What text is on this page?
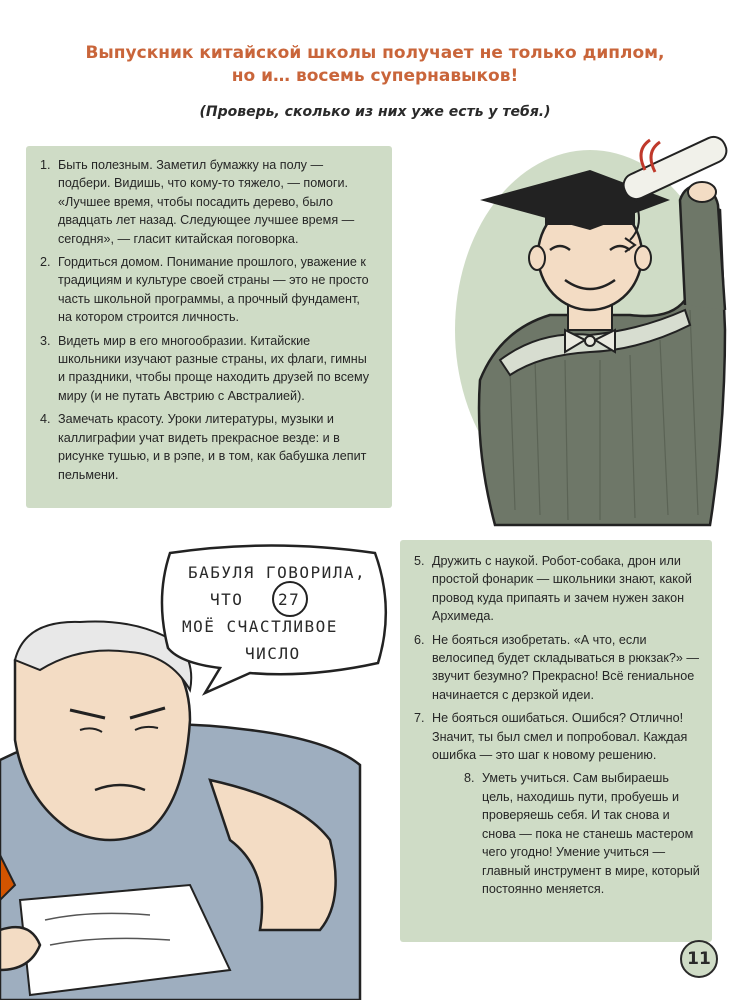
Выпускник китайской школы получает не только диплом,
но и… восемь супернавыков!
(Проверь, сколько из них уже есть у тебя.)
БАБУЛЯ ГОВОРИЛА,
ЧТО 27
МОЁ СЧАСТЛИВОЕ
ЧИСЛО
1. Быть полезным. Заметил бумажку на полу — подбери. Видишь, что кому-то тяжело, — помоги. «Лучшее время, чтобы посадить дерево, было двадцать лет назад. Следующее лучшее время — сегодня», — гласит китайская поговорка.
2. Гордиться домом. Понимание прошлого, уважение к традициям и культуре своей страны — это не просто часть школьной программы, а прочный фундамент, на котором строится личность.
3. Видеть мир в его многообразии. Китайские школьники изучают разные страны, их флаги, гимны и праздники, чтобы проще находить друзей по всему миру (и не путать Австрию с Австралией).
4. Замечать красоту. Уроки литературы, музыки и каллиграфии учат видеть прекрасное везде: и в рисунке тушью, и в рэпе, и в том, как бабушка лепит пельмени.
5. Дружить с наукой. Робот-собака, дрон или простой фонарик — школьники знают, какой провод куда припаять и зачем нужен закон Архимеда.
6. Не бояться изобретать. «А что, если велосипед будет складываться в рюкзак?» — звучит безумно? Прекрасно! Всё гениальное начинается с дерзкой идеи.
7. Не бояться ошибаться. Ошибся? Отлично! Значит, ты был смел и попробовал. Каждая ошибка — это шаг к новому решению.
8. Уметь учиться. Сам выбираешь цель, находишь пути, пробуешь и проверяешь себя. И так снова и снова — пока не станешь мастером чего угодно! Умение учиться — главный инструмент в мире, который постоянно меняется.
11
